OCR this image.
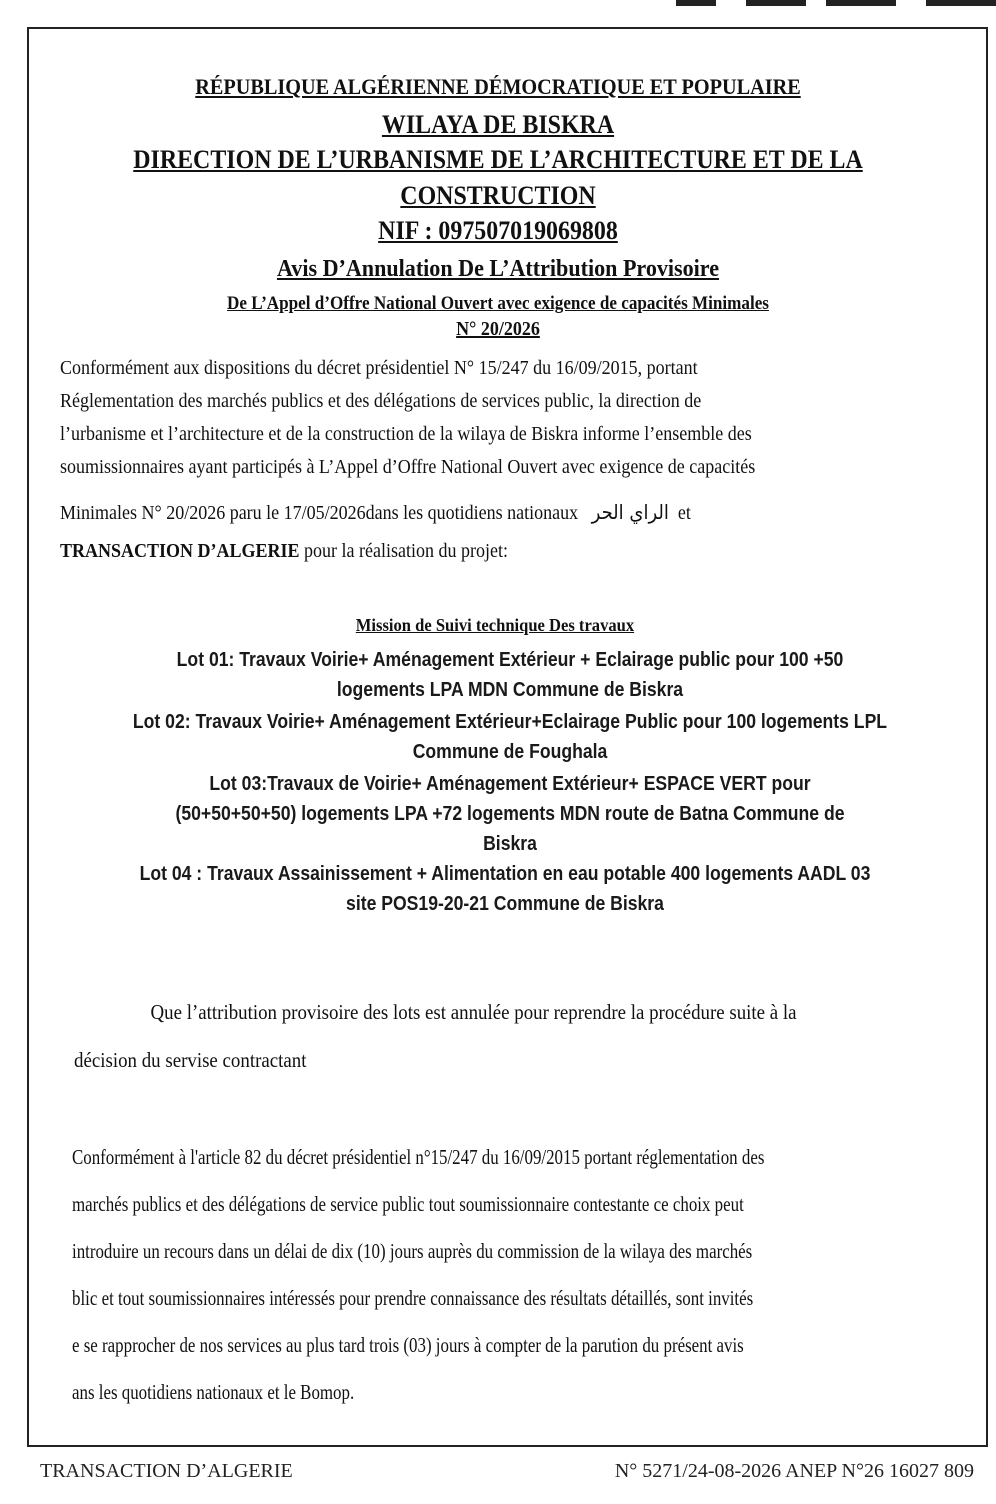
RÉPUBLIQUE ALGÉRIENNE DÉMOCRATIQUE ET POPULAIRE
WILAYA DE BISKRA
DIRECTION DE L’URBANISME DE L’ARCHITECTURE ET DE LA
CONSTRUCTION
NIF : 097507019069808
Avis D’Annulation De L’Attribution Provisoire
De L’Appel d’Offre National Ouvert avec exigence de capacités Minimales
N° 20/2026
Conformément aux dispositions du décret présidentiel N° 15/247 du 16/09/2015, portant
Réglementation des marchés publics et des délégations de services public, la direction de
l’urbanisme et l’architecture et de la construction de la wilaya de Biskra informe l’ensemble des
soumissionnaires ayant participés à L’Appel d’Offre National Ouvert avec exigence de capacités
Minimales N° 20/2026 paru le 17/05/2026dans les quotidiens nationaux الراي الحر et
TRANSACTION D’ALGERIE pour la réalisation du projet:
Mission de Suivi technique Des travaux
Lot 01: Travaux Voirie+ Aménagement Extérieur + Eclairage public pour 100 +50
logements LPA MDN Commune de Biskra
Lot 02: Travaux Voirie+ Aménagement Extérieur+Eclairage Public pour 100 logements LPL
Commune de Foughala
Lot 03:Travaux de Voirie+ Aménagement Extérieur+ ESPACE VERT pour
(50+50+50+50) logements LPA +72 logements MDN route de Batna Commune de
Biskra
Lot 04 : Travaux Assainissement + Alimentation en eau potable 400 logements AADL 03
site POS19-20-21 Commune de Biskra
Que l’attribution provisoire des lots est annulée pour reprendre la procédure suite à la
décision du servise contractant
Conformément à l'article 82 du décret présidentiel n°15/247 du 16/09/2015 portant réglementation des
marchés publics et des délégations de service public tout soumissionnaire contestante ce choix peut
introduire un recours dans un délai de dix (10) jours auprès du commission de la wilaya des marchés
blic et tout soumissionnaires intéressés pour prendre connaissance des résultats détaillés, sont invités
e se rapprocher de nos services au plus tard trois (03) jours à compter de la parution du présent avis
ans les quotidiens nationaux et le Bomop.
TRANSACTION D’ALGERIE	N° 5271/24-08-2026 ANEP N°26 16027 809
